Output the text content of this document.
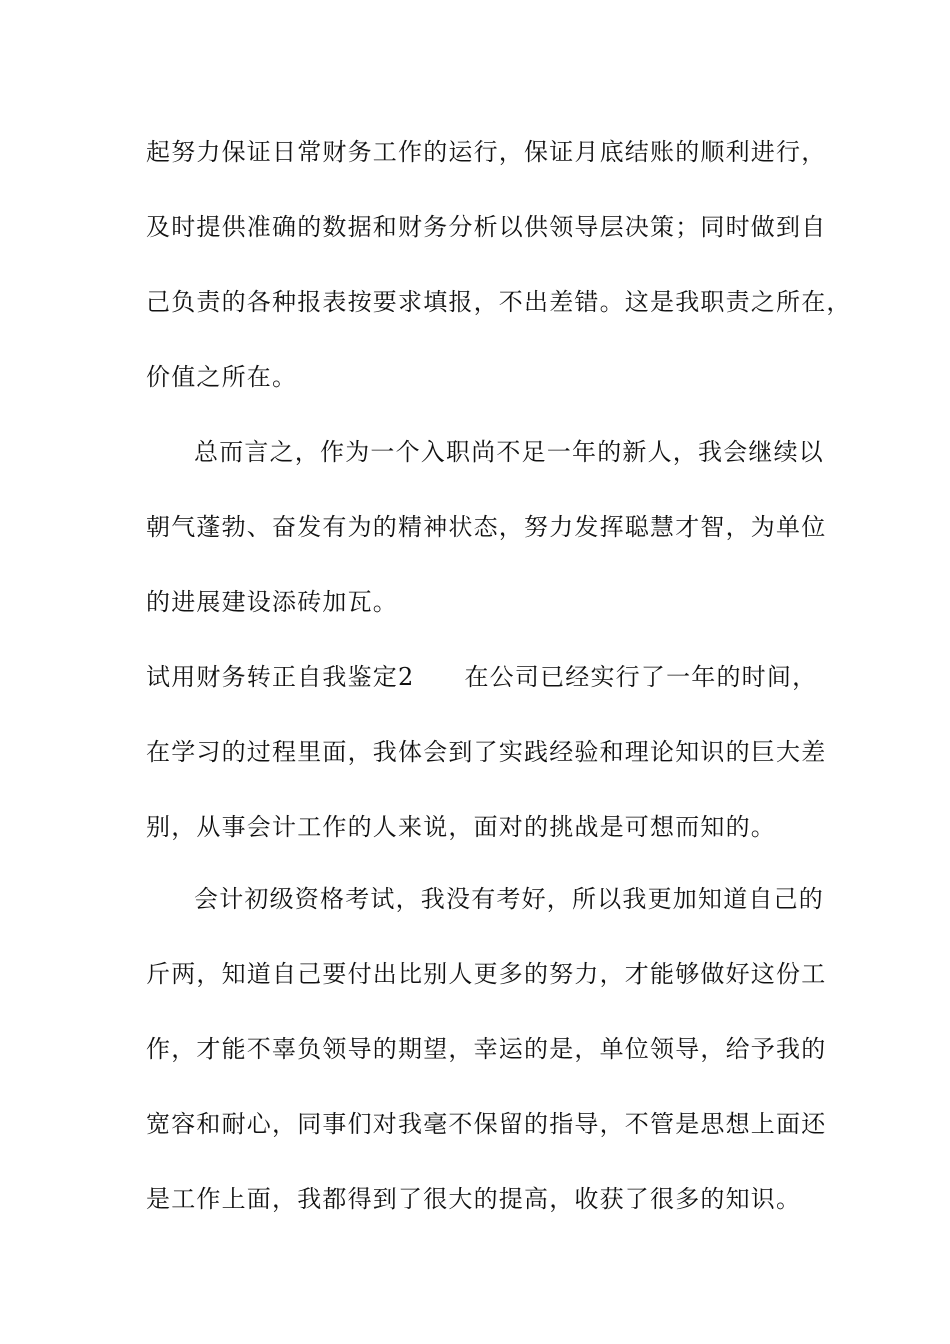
起努力保证日常财务工作的运行，保证月底结账的顺利进行，
及时提供准确的数据和财务分析以供领导层决策；同时做到自
己负责的各种报表按要求填报，不出差错。这是我职责之所在，
价值之所在。
总而言之，作为一个入职尚不足一年的新人，我会继续以
朝气蓬勃、奋发有为的精神状态，努力发挥聪慧才智，为单位
的进展建设添砖加瓦。
试用财务转正自我鉴定2 在公司已经实行了一年的时间，
在学习的过程里面，我体会到了实践经验和理论知识的巨大差
别，从事会计工作的人来说，面对的挑战是可想而知的。
会计初级资格考试，我没有考好，所以我更加知道自己的
斤两，知道自己要付出比别人更多的努力，才能够做好这份工
作，才能不辜负领导的期望，幸运的是，单位领导，给予我的
宽容和耐心，同事们对我毫不保留的指导，不管是思想上面还
是工作上面，我都得到了很大的提高，收获了很多的知识。
